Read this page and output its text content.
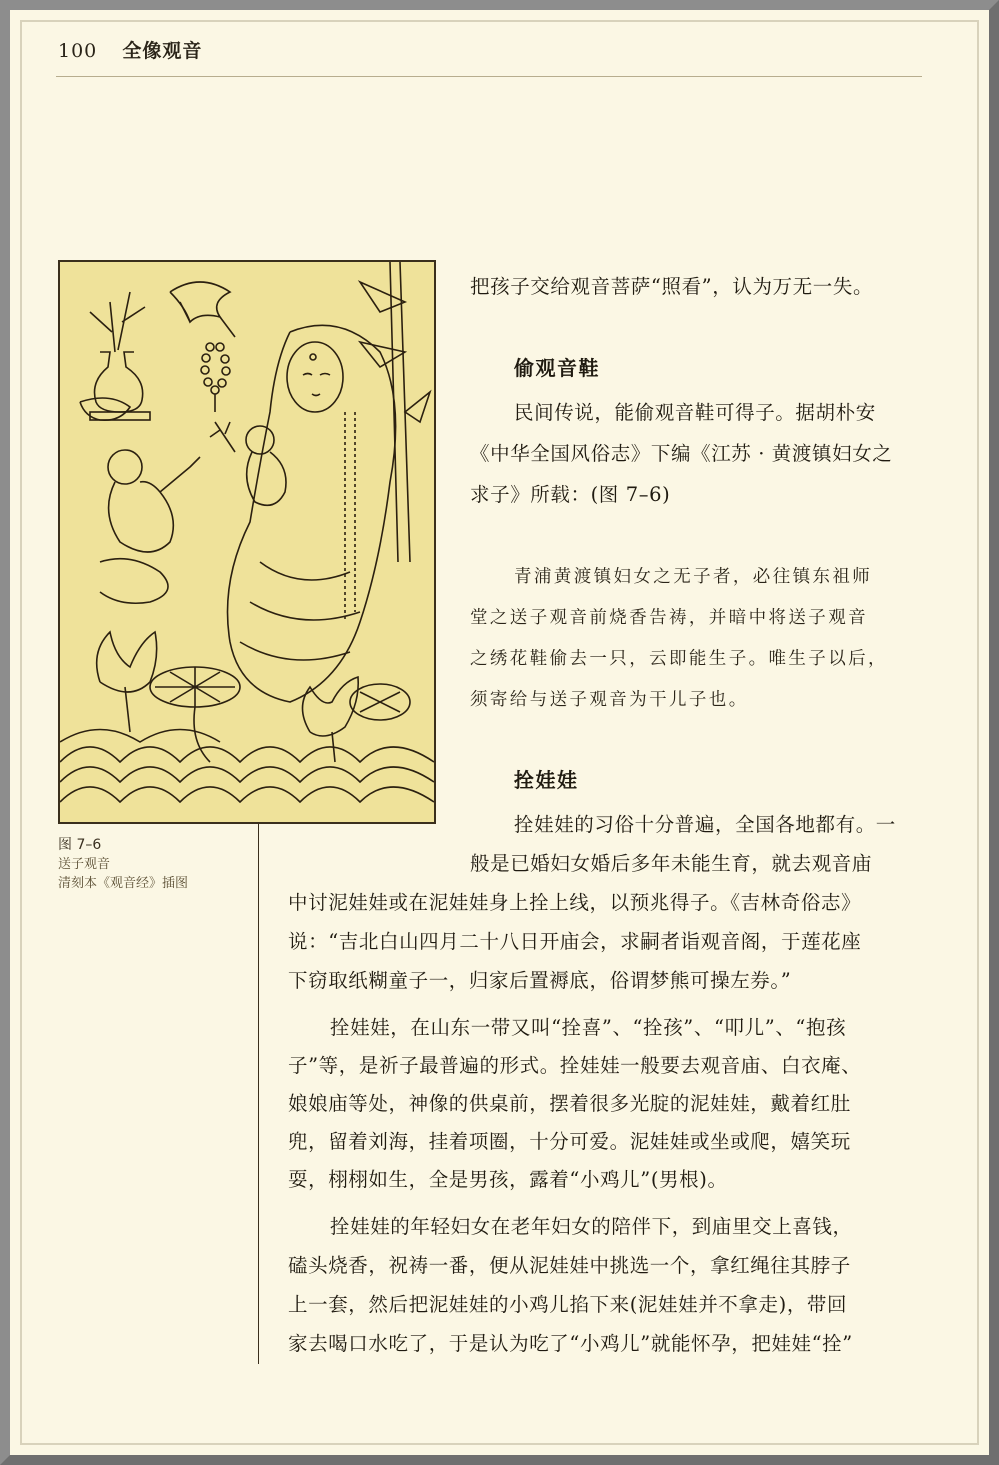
100 全像观音
图 7–6
送子观音
清刻本《观音经》插图
把孩子交给观音菩萨“照看”，认为万无一失。
偷观音鞋
民间传说，能偷观音鞋可得子。据胡朴安
《中华全国风俗志》下编《江苏 · 黄渡镇妇女之
求子》所载：(图 7–6)
青浦黄渡镇妇女之无子者，必往镇东祖师
堂之送子观音前烧香告祷，并暗中将送子观音
之绣花鞋偷去一只，云即能生子。唯生子以后，
须寄给与送子观音为干儿子也。
拴娃娃
拴娃娃的习俗十分普遍，全国各地都有。一
般是已婚妇女婚后多年未能生育，就去观音庙
中讨泥娃娃或在泥娃娃身上拴上线，以预兆得子。《吉林奇俗志》
说：“吉北白山四月二十八日开庙会，求嗣者诣观音阁，于莲花座
下窃取纸糊童子一，归家后置褥底，俗谓梦熊可操左券。”
拴娃娃，在山东一带又叫“拴喜”、“拴孩”、“叩儿”、“抱孩
子”等，是祈子最普遍的形式。拴娃娃一般要去观音庙、白衣庵、
娘娘庙等处，神像的供桌前，摆着很多光腚的泥娃娃，戴着红肚
兜，留着刘海，挂着项圈，十分可爱。泥娃娃或坐或爬，嬉笑玩
耍，栩栩如生，全是男孩，露着“小鸡儿”(男根)。
拴娃娃的年轻妇女在老年妇女的陪伴下，到庙里交上喜钱，
磕头烧香，祝祷一番，便从泥娃娃中挑选一个，拿红绳往其脖子
上一套，然后把泥娃娃的小鸡儿掐下来(泥娃娃并不拿走)，带回
家去喝口水吃了，于是认为吃了“小鸡儿”就能怀孕，把娃娃“拴”
